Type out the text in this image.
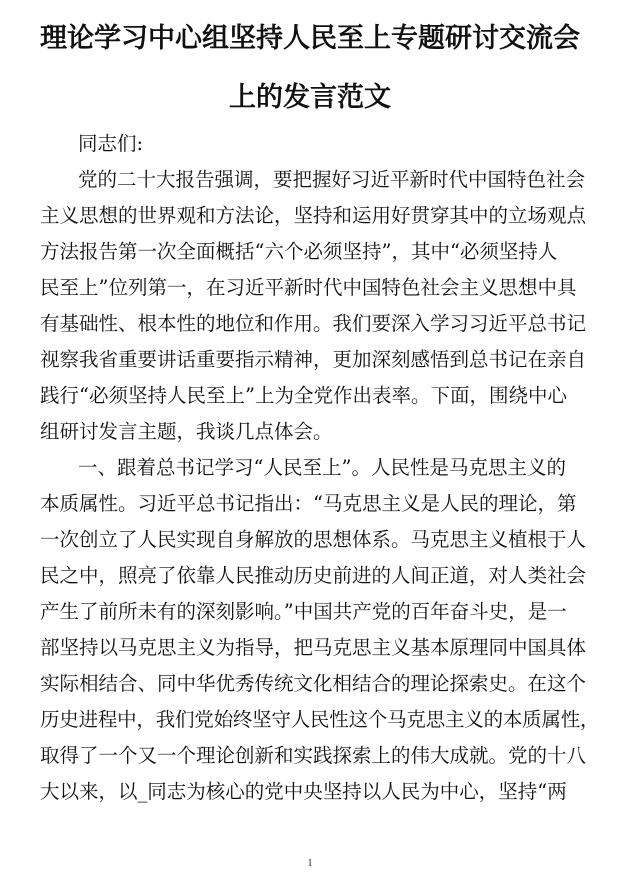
理论学习中心组坚持人民至上专题研讨交流会
上的发言范文
同志们:
党的二十大报告强调，要把握好习近平新时代中国特色社会
主义思想的世界观和方法论，坚持和运用好贯穿其中的立场观点
方法报告第一次全面概括“六个必须坚持”，其中“必须坚持人
民至上”位列第一，在习近平新时代中国特色社会主义思想中具
有基础性、根本性的地位和作用。我们要深入学习习近平总书记
视察我省重要讲话重要指示精神，更加深刻感悟到总书记在亲自
践行“必须坚持人民至上”上为全党作出表率。下面，围绕中心
组研讨发言主题，我谈几点体会。
一、跟着总书记学习“人民至上”。人民性是马克思主义的
本质属性。习近平总书记指出：“马克思主义是人民的理论，第
一次创立了人民实现自身解放的思想体系。马克思主义植根于人
民之中，照亮了依靠人民推动历史前进的人间正道，对人类社会
产生了前所未有的深刻影响。”中国共产党的百年奋斗史，是一
部坚持以马克思主义为指导，把马克思主义基本原理同中国具体
实际相结合、同中华优秀传统文化相结合的理论探索史。在这个
历史进程中，我们党始终坚守人民性这个马克思主义的本质属性，
取得了一个又一个理论创新和实践探索上的伟大成就。党的十八
大以来，以_同志为核心的党中央坚持以人民为中心，坚持“两
1
